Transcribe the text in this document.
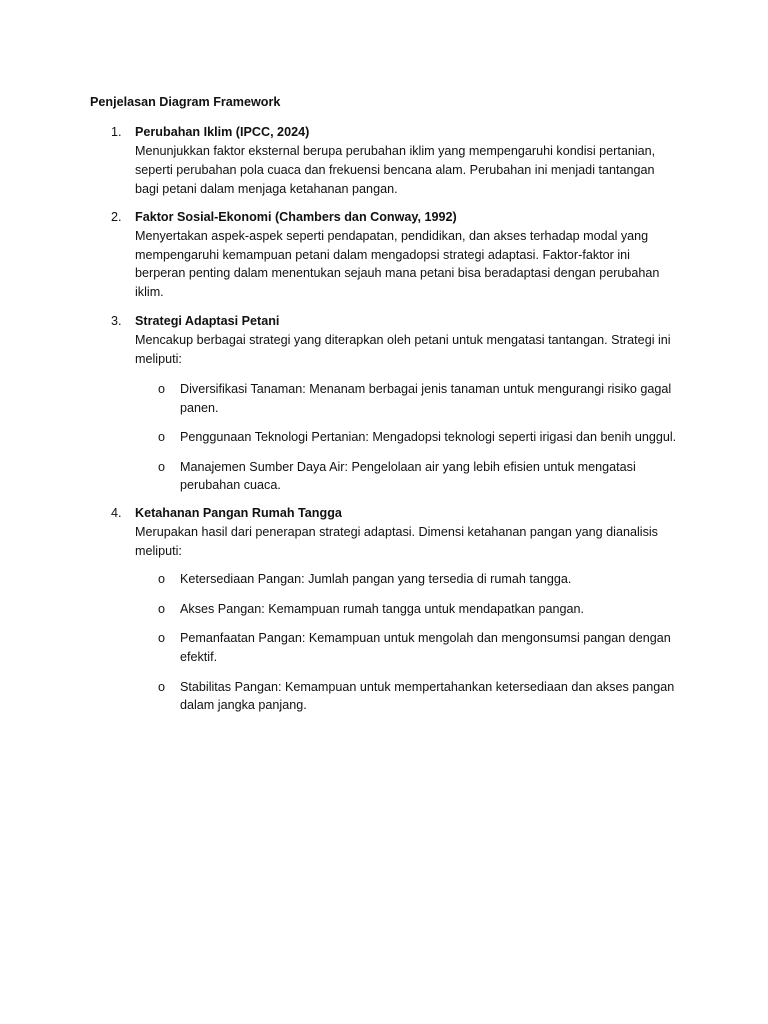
Penjelasan Diagram Framework
1. Perubahan Iklim (IPCC, 2024)
Menunjukkan faktor eksternal berupa perubahan iklim yang mempengaruhi kondisi pertanian,
seperti perubahan pola cuaca dan frekuensi bencana alam. Perubahan ini menjadi tantangan
bagi petani dalam menjaga ketahanan pangan.
2. Faktor Sosial-Ekonomi (Chambers dan Conway, 1992)
Menyertakan aspek-aspek seperti pendapatan, pendidikan, dan akses terhadap modal yang
mempengaruhi kemampuan petani dalam mengadopsi strategi adaptasi. Faktor-faktor ini
berperan penting dalam menentukan sejauh mana petani bisa beradaptasi dengan perubahan
iklim.
3. Strategi Adaptasi Petani
Mencakup berbagai strategi yang diterapkan oleh petani untuk mengatasi tantangan. Strategi ini
meliputi:
o Diversifikasi Tanaman: Menanam berbagai jenis tanaman untuk mengurangi risiko gagal
panen.
o Penggunaan Teknologi Pertanian: Mengadopsi teknologi seperti irigasi dan benih unggul.
o Manajemen Sumber Daya Air: Pengelolaan air yang lebih efisien untuk mengatasi
perubahan cuaca.
4. Ketahanan Pangan Rumah Tangga
Merupakan hasil dari penerapan strategi adaptasi. Dimensi ketahanan pangan yang dianalisis
meliputi:
o Ketersediaan Pangan: Jumlah pangan yang tersedia di rumah tangga.
o Akses Pangan: Kemampuan rumah tangga untuk mendapatkan pangan.
o Pemanfaatan Pangan: Kemampuan untuk mengolah dan mengonsumsi pangan dengan
efektif.
o Stabilitas Pangan: Kemampuan untuk mempertahankan ketersediaan dan akses pangan
dalam jangka panjang.
